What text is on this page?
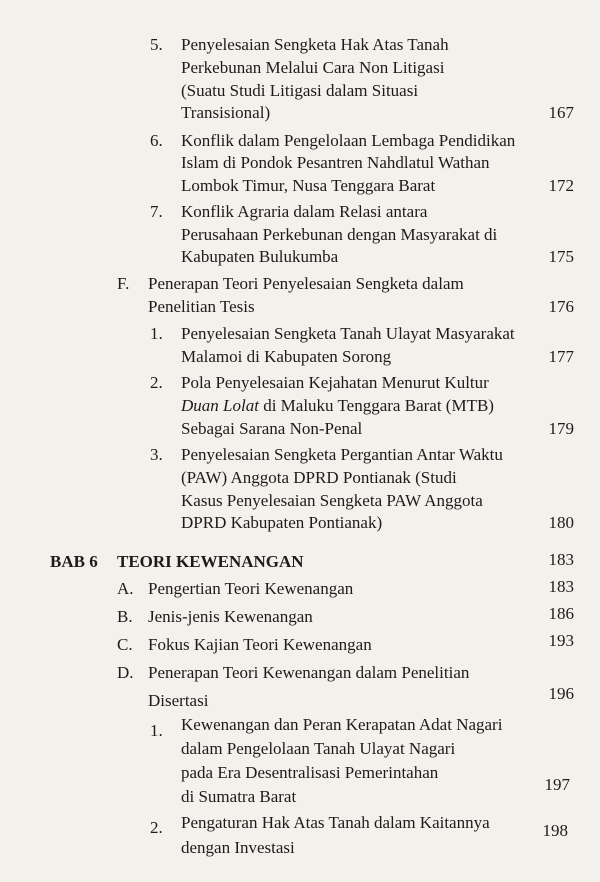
5. Penyelesaian Sengketa Hak Atas Tanah
Perkebunan Melalui Cara Non Litigasi
(Suatu Studi Litigasi dalam Situasi
Transisional)	167
6. Konflik dalam Pengelolaan Lembaga Pendidikan
Islam di Pondok Pesantren Nahdlatul Wathan
Lombok Timur, Nusa Tenggara Barat	172
7. Konflik Agraria dalam Relasi antara
Perusahaan Perkebunan dengan Masyarakat di
Kabupaten Bulukumba	175
F. Penerapan Teori Penyelesaian Sengketa dalam
Penelitian Tesis	176
1. Penyelesaian Sengketa Tanah Ulayat Masyarakat
Malamoi di Kabupaten Sorong	177
2. Pola Penyelesaian Kejahatan Menurut Kultur
Duan Lolat di Maluku Tenggara Barat (MTB)
Sebagai Sarana Non-Penal	179
3. Penyelesaian Sengketa Pergantian Antar Waktu
(PAW) Anggota DPRD Pontianak (Studi
Kasus Penyelesaian Sengketa PAW Anggota
DPRD Kabupaten Pontianak)	180
BAB 6 TEORI KEWENANGAN	183
A. Pengertian Teori Kewenangan	183
B. Jenis-jenis Kewenangan	186
C. Fokus Kajian Teori Kewenangan	193
D. Penerapan Teori Kewenangan dalam Penelitian
Disertasi	196
1. Kewenangan dan Peran Kerapatan Adat Nagari
dalam Pengelolaan Tanah Ulayat Nagari
pada Era Desentralisasi Pemerintahan
di Sumatra Barat
197
2. Pengaturan Hak Atas Tanah dalam Kaitannya
dengan Investasi
198
